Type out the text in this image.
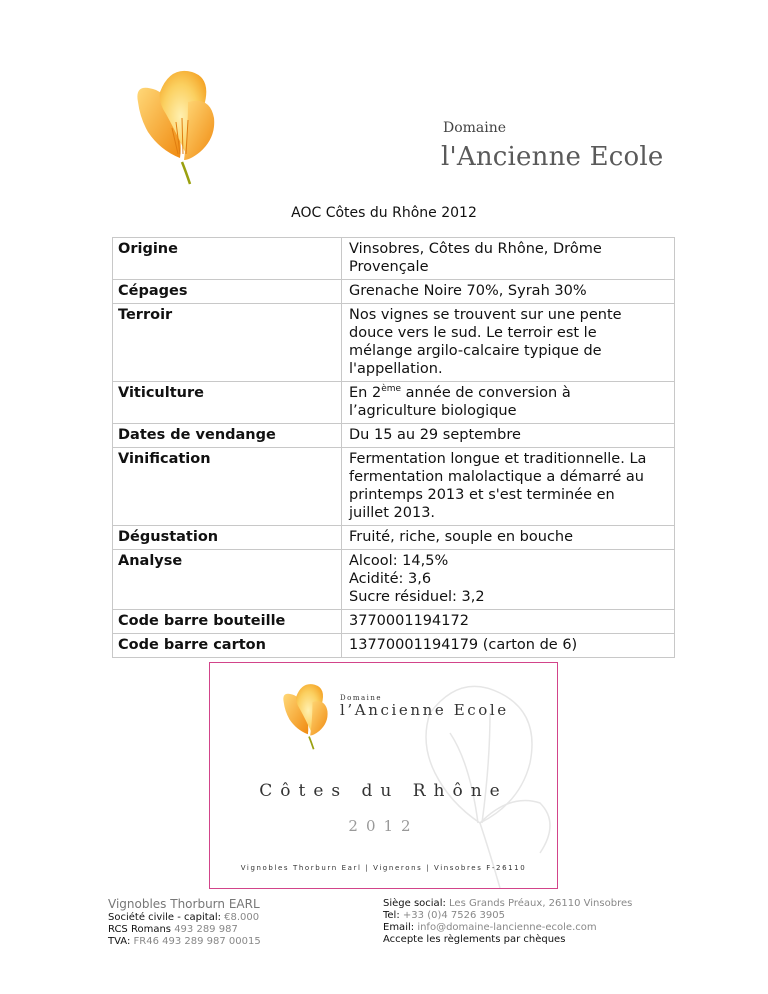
Domaine
l'Ancienne Ecole
AOC Côtes du Rhône 2012
Origine	Vinsobres, Côtes du Rhône, Drôme
Provençale
Cépages	Grenache Noire 70%, Syrah 30%
Terroir	Nos vignes se trouvent sur une pente
douce vers le sud. Le terroir est le
mélange argilo-calcaire typique de
l'appellation.
Viticulture	En 2ème année de conversion à
l’agriculture biologique
Dates de vendange	Du 15 au 29 septembre
Vinification	Fermentation longue et traditionnelle. La
fermentation malolactique a démarré au
printemps 2013 et s'est terminée en
juillet 2013.
Dégustation	Fruité, riche, souple en bouche
Analyse	Alcool: 14,5%
Acidité: 3,6
Sucre résiduel: 3,2
Code barre bouteille	3770001194172
Code barre carton	13770001194179 (carton de 6)
Domaine
l’Ancienne Ecole
Côtes du Rhône
2012
Vignobles Thorburn Earl | Vignerons | Vinsobres F-26110
Vignobles Thorburn EARL
Société civile - capital: €8.000
RCS Romans 493 289 987
TVA: FR46 493 289 987 00015
Siège social: Les Grands Préaux, 26110 Vinsobres
Tel: +33 (0)4 7526 3905
Email: info@domaine-lancienne-ecole.com
Accepte les règlements par chèques
